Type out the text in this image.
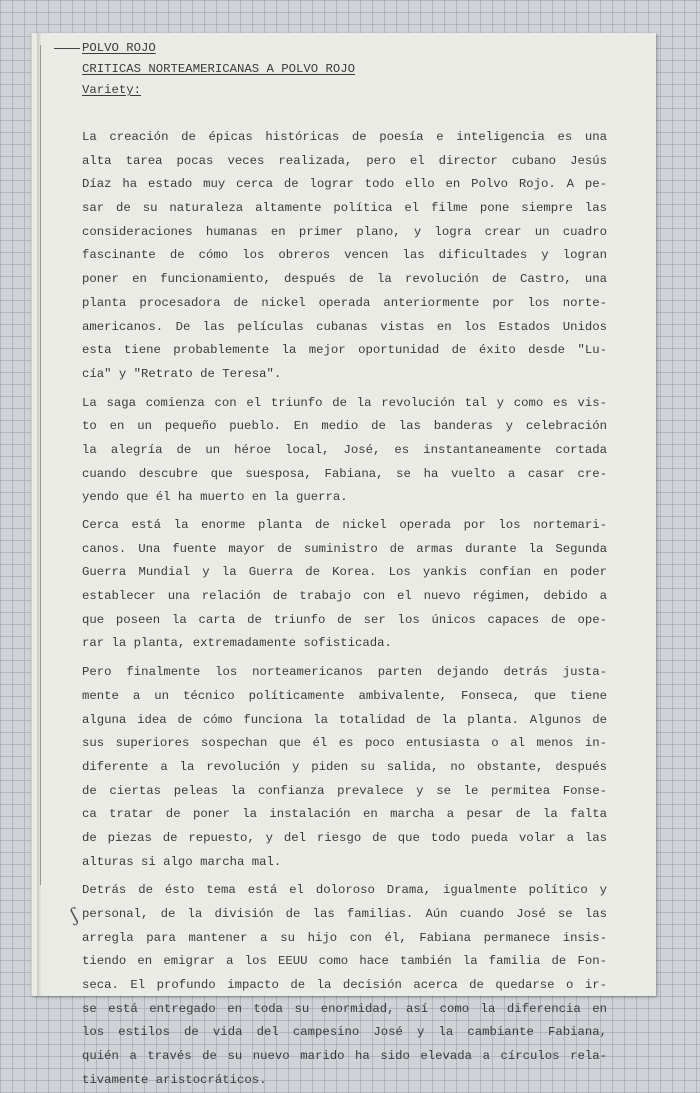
ʃ
POLVO ROJO
CRITICAS NORTEAMERICANAS A POLVO ROJO
Variety:
La creación de épicas históricas de poesía e inteligencia es una
alta tarea pocas veces realizada, pero el director cubano Jesús
Díaz ha estado muy cerca de lograr todo ello en Polvo Rojo. A pe-
sar de su naturaleza altamente política el filme pone siempre las
consideraciones humanas en primer plano, y logra crear un cuadro
fascinante de cómo los obreros vencen las dificultades y logran
poner en funcionamiento, después de la revolución de Castro, una
planta procesadora de nickel operada anteriormente por los norte-
americanos. De las películas cubanas vistas en los Estados Unidos
esta tiene probablemente la mejor oportunidad de éxito desde "Lu-
cía" y "Retrato de Teresa".
La saga comienza con el triunfo de la revolución tal y como es vis-
to en un pequeño pueblo. En medio de las banderas y celebración
la alegría de un héroe local, José, es instantaneamente cortada
cuando descubre que suesposa, Fabiana, se ha vuelto a casar cre-
yendo que él ha muerto en la guerra.
Cerca está la enorme planta de nickel operada por los nortemari-
canos. Una fuente mayor de suministro de armas durante la Segunda
Guerra Mundial y la Guerra de Korea. Los yankis confían en poder
establecer una relación de trabajo con el nuevo régimen, debido a
que poseen la carta de triunfo de ser los únicos capaces de ope-
rar la planta, extremadamente sofisticada.
Pero finalmente los norteamericanos parten dejando detrás justa-
mente a un técnico políticamente ambivalente, Fonseca, que tiene
alguna idea de cómo funciona la totalidad de la planta. Algunos de
sus superiores sospechan que él es poco entusiasta o al menos in-
diferente a la revolución y piden su salida, no obstante, después
de ciertas peleas la confianza prevalece y se le permitea Fonse-
ca tratar de poner la instalación en marcha a pesar de la falta
de piezas de repuesto, y del riesgo de que todo pueda volar a las
alturas si algo marcha mal.
Detrás de ésto tema está el doloroso Drama, igualmente político y
personal, de la división de las familias. Aún cuando José se las
arregla para mantener a su hijo con él, Fabiana permanece insis-
tiendo en emigrar a los EEUU como hace también la familia de Fon-
seca. El profundo impacto de la decisión acerca de quedarse o ir-
se está entregado en toda su enormidad, así como la diferencia en
los estilos de vida del campesino José y la cambiante Fabiana,
quién a través de su nuevo marido ha sido elevada a círculos rela-
tivamente aristocráticos.
